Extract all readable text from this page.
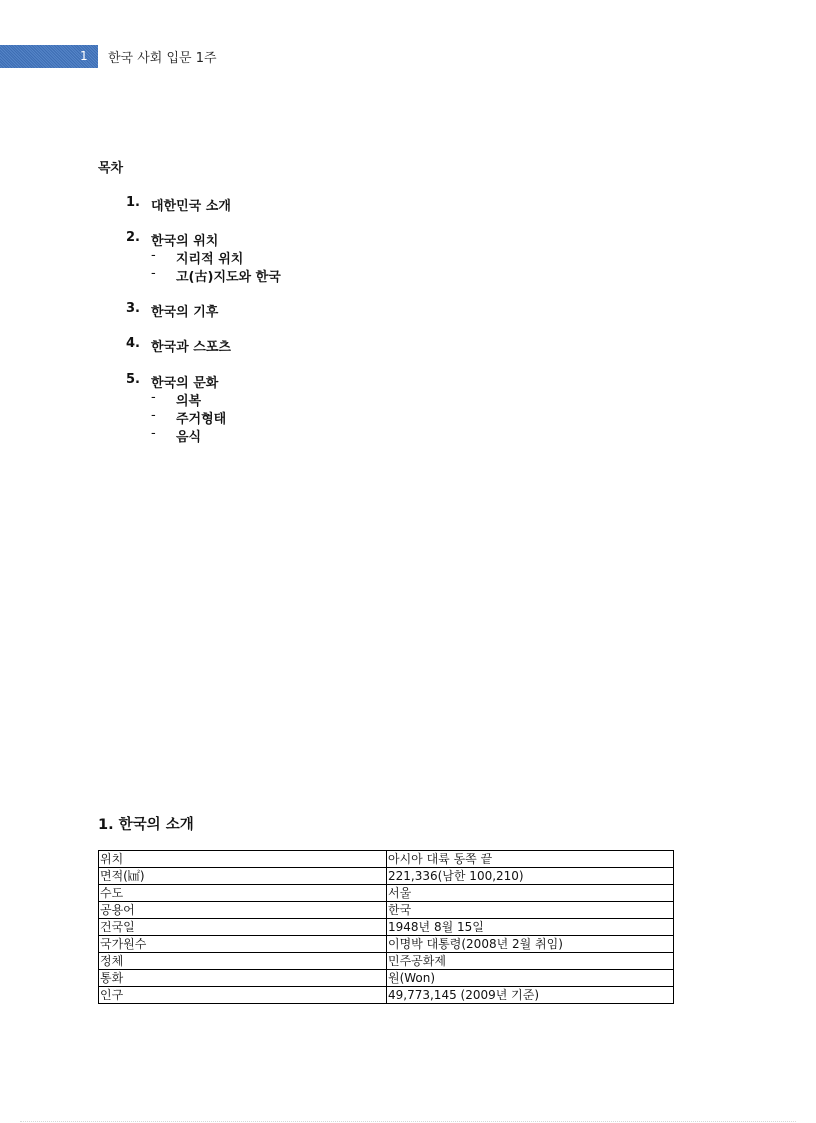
1 한국 사회 입문 1주
목차
1. 대한민국 소개
2. 한국의 위치
- 지리적 위치
- 고(古)지도와 한국
3. 한국의 기후
4. 한국과 스포츠
5. 한국의 문화
- 의복
- 주거형태
- 음식
1. 한국의 소개
위치	아시아 대륙 동쪽 끝
면적(㎢)	221,336(남한 100,210)
수도	서울
공용어	한국
건국일	1948년 8월 15일
국가원수	이명박 대통령(2008년 2월 취임)
정체	민주공화제
통화	원(Won)
인구	49,773,145 (2009년 기준)
